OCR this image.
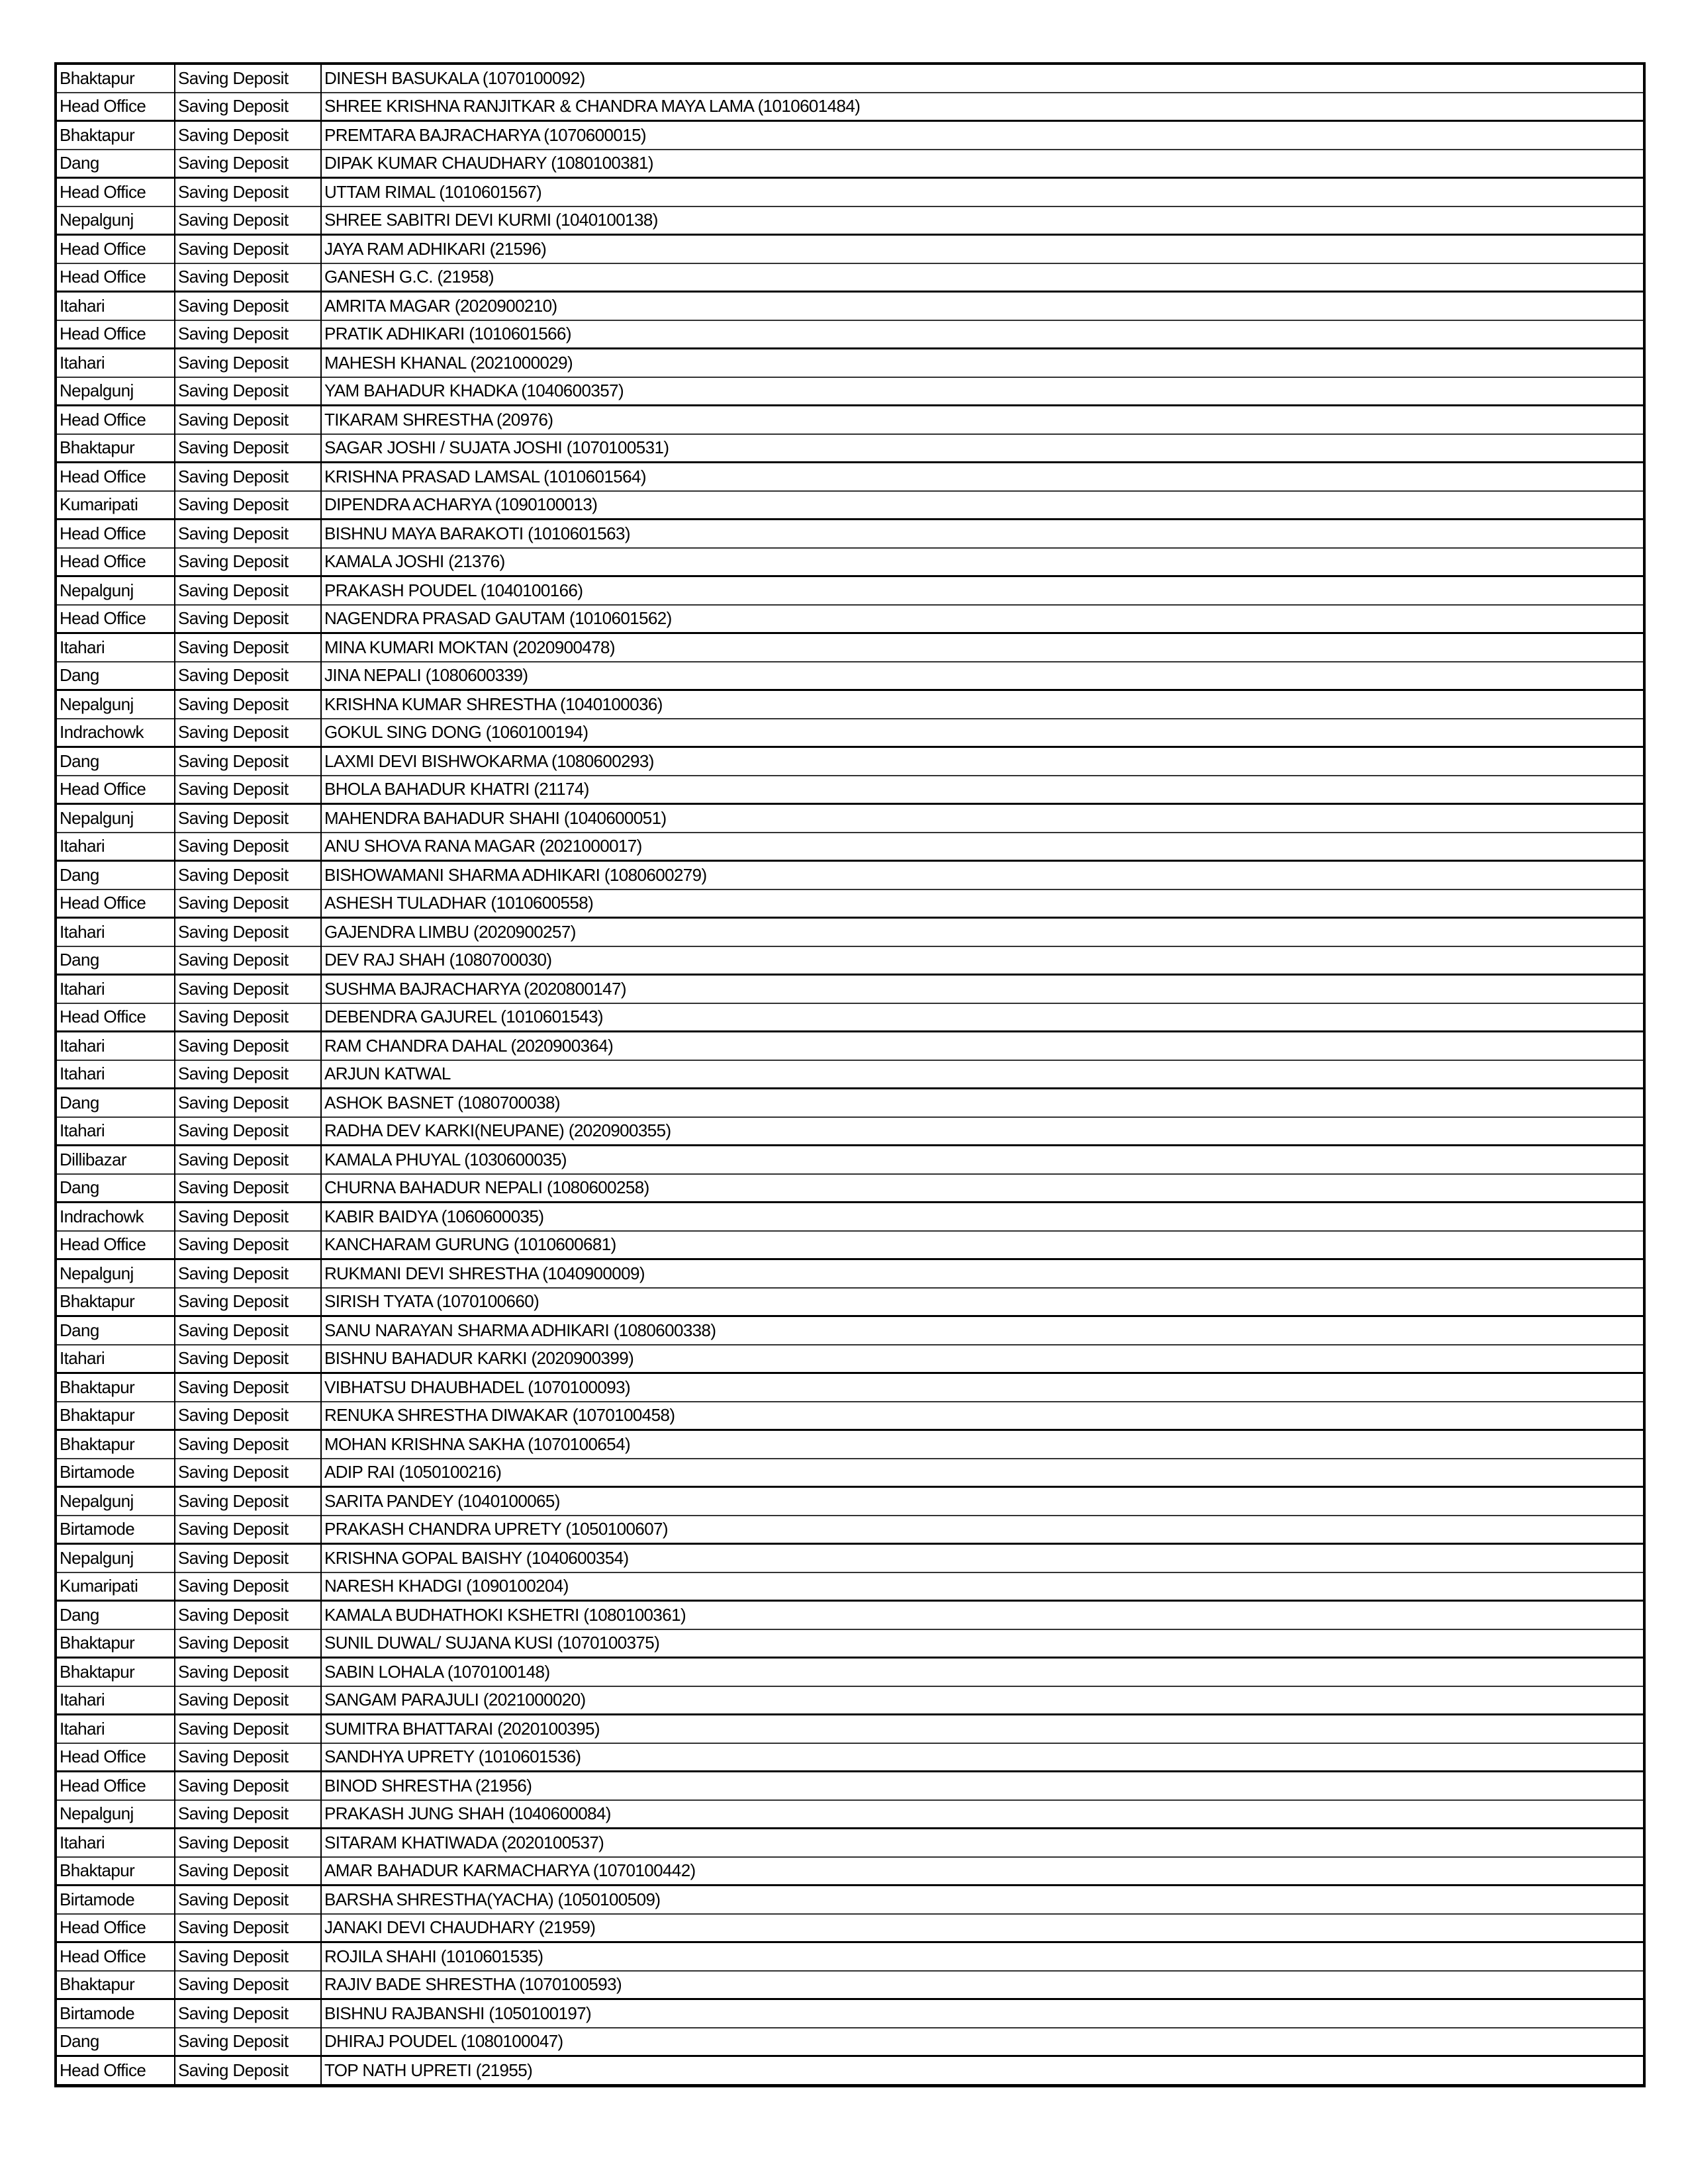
Bhaktapur	Saving Deposit	DINESH BASUKALA (1070100092)
Head Office	Saving Deposit	SHREE KRISHNA RANJITKAR & CHANDRA MAYA LAMA (1010601484)
Bhaktapur	Saving Deposit	PREMTARA BAJRACHARYA (1070600015)
Dang	Saving Deposit	DIPAK KUMAR CHAUDHARY (1080100381)
Head Office	Saving Deposit	UTTAM RIMAL (1010601567)
Nepalgunj	Saving Deposit	SHREE SABITRI DEVI KURMI (1040100138)
Head Office	Saving Deposit	JAYA RAM ADHIKARI (21596)
Head Office	Saving Deposit	GANESH G.C. (21958)
Itahari	Saving Deposit	AMRITA MAGAR (2020900210)
Head Office	Saving Deposit	PRATIK ADHIKARI (1010601566)
Itahari	Saving Deposit	MAHESH KHANAL (2021000029)
Nepalgunj	Saving Deposit	YAM BAHADUR KHADKA (1040600357)
Head Office	Saving Deposit	TIKARAM SHRESTHA (20976)
Bhaktapur	Saving Deposit	SAGAR JOSHI / SUJATA JOSHI (1070100531)
Head Office	Saving Deposit	KRISHNA PRASAD LAMSAL (1010601564)
Kumaripati	Saving Deposit	DIPENDRA ACHARYA (1090100013)
Head Office	Saving Deposit	BISHNU MAYA BARAKOTI (1010601563)
Head Office	Saving Deposit	KAMALA JOSHI (21376)
Nepalgunj	Saving Deposit	PRAKASH POUDEL (1040100166)
Head Office	Saving Deposit	NAGENDRA PRASAD GAUTAM (1010601562)
Itahari	Saving Deposit	MINA KUMARI MOKTAN (2020900478)
Dang	Saving Deposit	JINA NEPALI (1080600339)
Nepalgunj	Saving Deposit	KRISHNA KUMAR SHRESTHA (1040100036)
Indrachowk	Saving Deposit	GOKUL SING DONG (1060100194)
Dang	Saving Deposit	LAXMI DEVI BISHWOKARMA (1080600293)
Head Office	Saving Deposit	BHOLA BAHADUR KHATRI (21174)
Nepalgunj	Saving Deposit	MAHENDRA BAHADUR SHAHI (1040600051)
Itahari	Saving Deposit	ANU SHOVA RANA MAGAR (2021000017)
Dang	Saving Deposit	BISHOWAMANI SHARMA ADHIKARI (1080600279)
Head Office	Saving Deposit	ASHESH TULADHAR (1010600558)
Itahari	Saving Deposit	GAJENDRA LIMBU (2020900257)
Dang	Saving Deposit	DEV RAJ SHAH (1080700030)
Itahari	Saving Deposit	SUSHMA BAJRACHARYA (2020800147)
Head Office	Saving Deposit	DEBENDRA GAJUREL (1010601543)
Itahari	Saving Deposit	RAM CHANDRA DAHAL (2020900364)
Itahari	Saving Deposit	ARJUN KATWAL
Dang	Saving Deposit	ASHOK BASNET (1080700038)
Itahari	Saving Deposit	RADHA DEV KARKI(NEUPANE) (2020900355)
Dillibazar	Saving Deposit	KAMALA PHUYAL (1030600035)
Dang	Saving Deposit	CHURNA BAHADUR NEPALI (1080600258)
Indrachowk	Saving Deposit	KABIR BAIDYA (1060600035)
Head Office	Saving Deposit	KANCHARAM GURUNG (1010600681)
Nepalgunj	Saving Deposit	RUKMANI DEVI SHRESTHA (1040900009)
Bhaktapur	Saving Deposit	SIRISH TYATA (1070100660)
Dang	Saving Deposit	SANU NARAYAN SHARMA ADHIKARI (1080600338)
Itahari	Saving Deposit	BISHNU BAHADUR KARKI (2020900399)
Bhaktapur	Saving Deposit	VIBHATSU DHAUBHADEL (1070100093)
Bhaktapur	Saving Deposit	RENUKA SHRESTHA DIWAKAR (1070100458)
Bhaktapur	Saving Deposit	MOHAN KRISHNA SAKHA (1070100654)
Birtamode	Saving Deposit	ADIP RAI (1050100216)
Nepalgunj	Saving Deposit	SARITA PANDEY (1040100065)
Birtamode	Saving Deposit	PRAKASH CHANDRA UPRETY (1050100607)
Nepalgunj	Saving Deposit	KRISHNA GOPAL BAISHY (1040600354)
Kumaripati	Saving Deposit	NARESH KHADGI (1090100204)
Dang	Saving Deposit	KAMALA BUDHATHOKI KSHETRI (1080100361)
Bhaktapur	Saving Deposit	SUNIL DUWAL/ SUJANA KUSI (1070100375)
Bhaktapur	Saving Deposit	SABIN LOHALA (1070100148)
Itahari	Saving Deposit	SANGAM PARAJULI (2021000020)
Itahari	Saving Deposit	SUMITRA BHATTARAI (2020100395)
Head Office	Saving Deposit	SANDHYA UPRETY (1010601536)
Head Office	Saving Deposit	BINOD SHRESTHA (21956)
Nepalgunj	Saving Deposit	PRAKASH JUNG SHAH (1040600084)
Itahari	Saving Deposit	SITARAM KHATIWADA (2020100537)
Bhaktapur	Saving Deposit	AMAR BAHADUR KARMACHARYA (1070100442)
Birtamode	Saving Deposit	BARSHA SHRESTHA(YACHA) (1050100509)
Head Office	Saving Deposit	JANAKI DEVI CHAUDHARY (21959)
Head Office	Saving Deposit	ROJILA SHAHI (1010601535)
Bhaktapur	Saving Deposit	RAJIV BADE SHRESTHA (1070100593)
Birtamode	Saving Deposit	BISHNU RAJBANSHI (1050100197)
Dang	Saving Deposit	DHIRAJ POUDEL (1080100047)
Head Office	Saving Deposit	TOP NATH UPRETI (21955)
